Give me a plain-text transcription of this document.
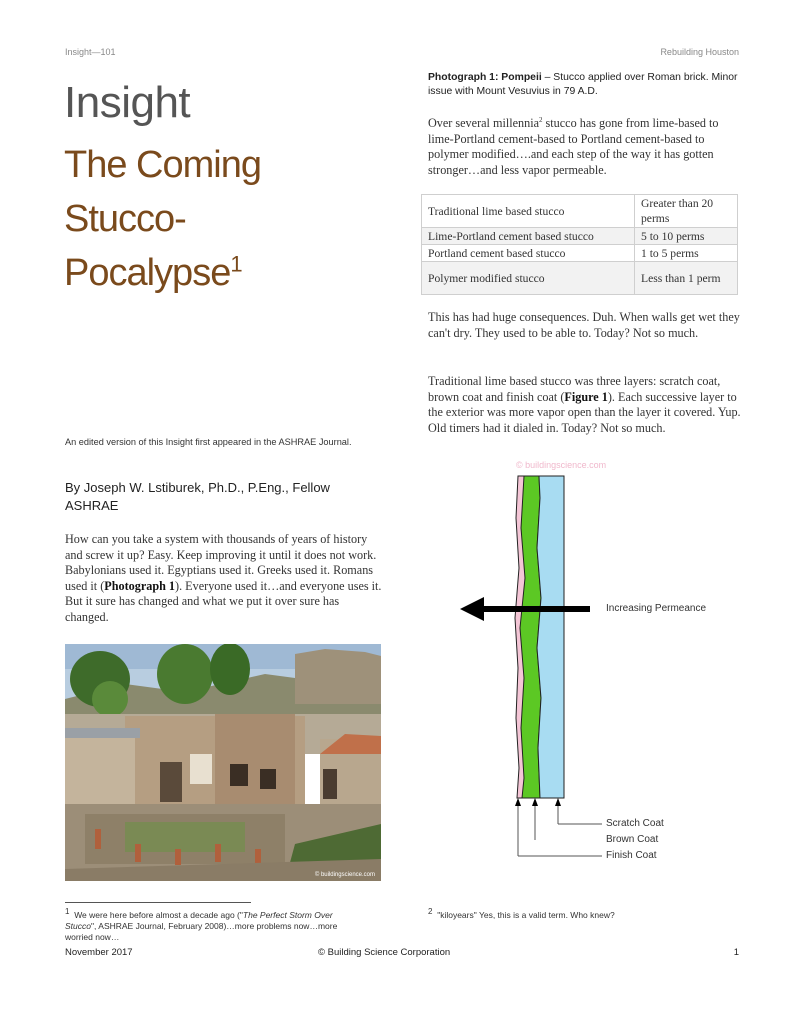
Insight—101	Rebuilding Houston
Insight
The Coming
Stucco-
Pocalypse$^1$
An edited version of this Insight first appeared in the ASHRAE Journal.
By Joseph W. Lstiburek, Ph.D., P.Eng., Fellow ASHRAE
How can you take a system with thousands of years of history and screw it up? Easy. Keep improving it until it does not work. Babylonians used it. Egyptians used it. Greeks used it. Romans used it (Photograph 1). Everyone used it…and everyone uses it. But it sure has changed and what we put it over sure has changed.
© buildingscience.com
Photograph 1: Pompeii – Stucco applied over Roman brick. Minor issue with Mount Vesuvius in 79 A.D.
Over several millennia$^2$ stucco has gone from lime-based to lime-Portland cement-based to Portland cement-based to polymer modified….and each step of the way it has gotten stronger…and less vapor permeable.
Traditional lime based stucco	Greater than 20 perms
Lime-Portland cement based stucco	5 to 10 perms
Portland cement based stucco	1 to 5 perms
Polymer modified stucco	Less than 1 perm
This has had huge consequences. Duh. When walls get wet they can't dry. They used to be able to. Today? Not so much.
Traditional lime based stucco was three layers: scratch coat, brown coat and finish coat (Figure 1). Each successive layer to the exterior was more vapor open than the layer it covered. Yup. Old timers had it dialed in. Today? Not so much.
© buildingscience.com
Increasing Permeance
Scratch Coat
Brown Coat
Finish Coat
$^1$ We were here before almost a decade ago ("The Perfect Storm Over Stucco", ASHRAE Journal, February 2008)…more problems now…more worried now…
$^2$ "kiloyears" Yes, this is a valid term. Who knew?
November 2017	© Building Science Corporation	1
